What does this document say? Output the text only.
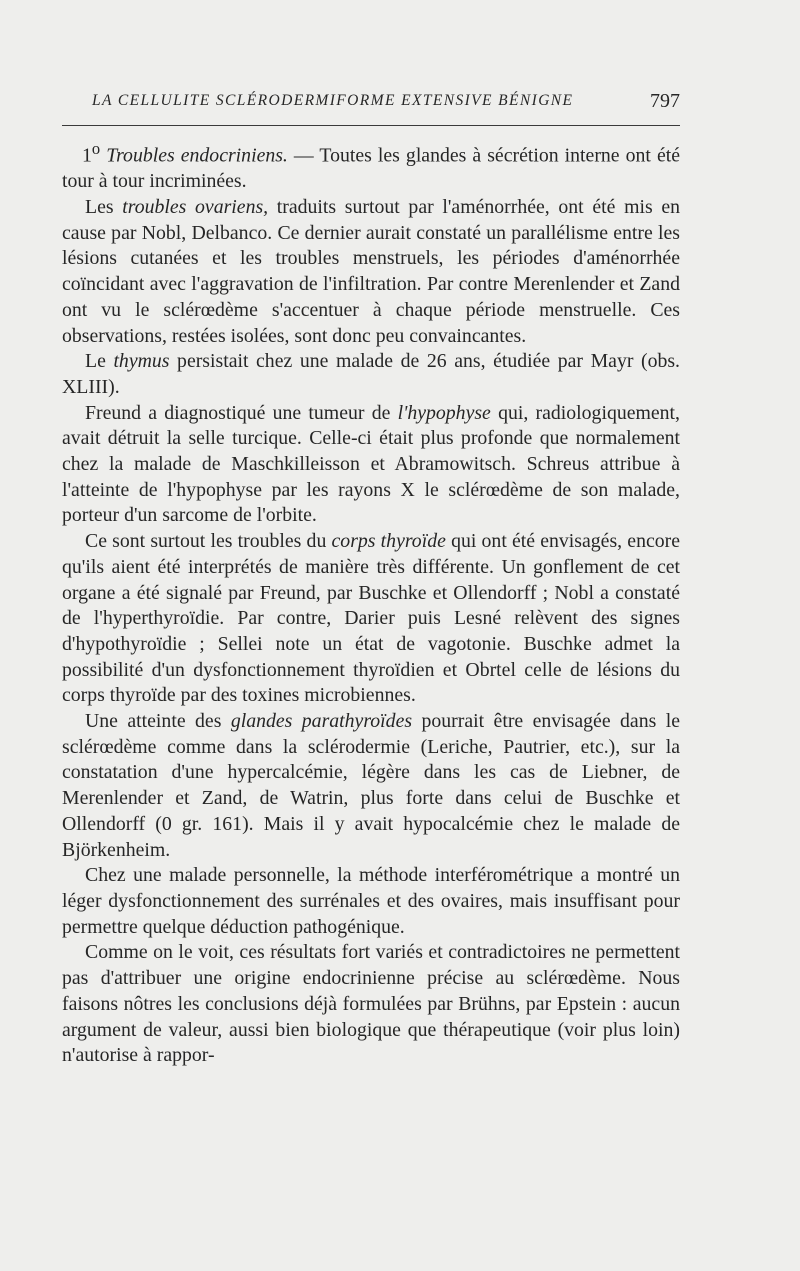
LA CELLULITE SCLÉRODERMIFORME EXTENSIVE BÉNIGNE	797

1$^o$ Troubles endocriniens. — Toutes les glandes à sécrétion interne ont été tour à tour incriminées.

Les troubles ovariens, traduits surtout par l'aménorrhée, ont été mis en cause par Nobl, Delbanco. Ce dernier aurait constaté un parallélisme entre les lésions cutanées et les troubles menstruels, les périodes d'aménorrhée coïncidant avec l'aggravation de l'infiltration. Par contre Merenlender et Zand ont vu le sclérœdème s'accentuer à chaque période menstruelle. Ces observations, restées isolées, sont donc peu convaincantes.

Le thymus persistait chez une malade de 26 ans, étudiée par Mayr (obs. XLIII).

Freund a diagnostiqué une tumeur de l'hypophyse qui, radiologiquement, avait détruit la selle turcique. Celle-ci était plus profonde que normalement chez la malade de Maschkilleisson et Abramowitsch. Schreus attribue à l'atteinte de l'hypophyse par les rayons X le sclérœdème de son malade, porteur d'un sarcome de l'orbite.

Ce sont surtout les troubles du corps thyroïde qui ont été envisagés, encore qu'ils aient été interprétés de manière très différente. Un gonflement de cet organe a été signalé par Freund, par Buschke et Ollendorff ; Nobl a constaté de l'hyperthyroïdie. Par contre, Darier puis Lesné relèvent des signes d'hypothyroïdie ; Sellei note un état de vagotonie. Buschke admet la possibilité d'un dysfonctionnement thyroïdien et Obrtel celle de lésions du corps thyroïde par des toxines microbiennes.

Une atteinte des glandes parathyroïdes pourrait être envisagée dans le sclérœdème comme dans la sclérodermie (Leriche, Pautrier, etc.), sur la constatation d'une hypercalcémie, légère dans les cas de Liebner, de Merenlender et Zand, de Watrin, plus forte dans celui de Buschke et Ollendorff (0 gr. 161). Mais il y avait hypocalcémie chez le malade de Björkenheim.

Chez une malade personnelle, la méthode interférométrique a montré un léger dysfonctionnement des surrénales et des ovaires, mais insuffisant pour permettre quelque déduction pathogénique.

Comme on le voit, ces résultats fort variés et contradictoires ne permettent pas d'attribuer une origine endocrinienne précise au sclérœdème. Nous faisons nôtres les conclusions déjà formulées par Brühns, par Epstein : aucun argument de valeur, aussi bien biologique que thérapeutique (voir plus loin) n'autorise à rappor-
